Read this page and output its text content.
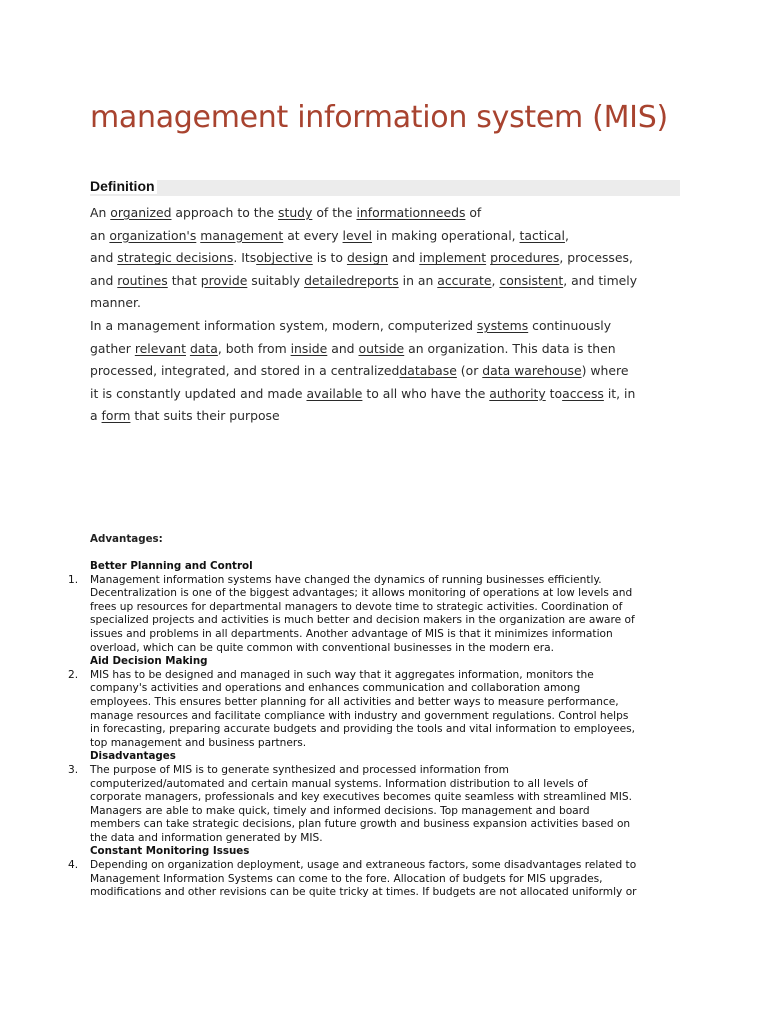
management information system (MIS)
Definition
An organized approach to the study of the informationneeds of
an organization's management at every level in making operational, tactical,
and strategic decisions. Itsobjective is to design and implement procedures, processes,
and routines that provide suitably detailedreports in an accurate, consistent, and timely
manner.
In a management information system, modern, computerized systems continuously
gather relevant data, both from inside and outside an organization. This data is then
processed, integrated, and stored in a centralizeddatabase (or data warehouse) where
it is constantly updated and made available to all who have the authority toaccess it, in
a form that suits their purpose
Advantages:
Better Planning and Control
1.	Management information systems have changed the dynamics of running businesses efficiently.
Decentralization is one of the biggest advantages; it allows monitoring of operations at low levels and
frees up resources for departmental managers to devote time to strategic activities. Coordination of
specialized projects and activities is much better and decision makers in the organization are aware of
issues and problems in all departments. Another advantage of MIS is that it minimizes information
overload, which can be quite common with conventional businesses in the modern era.
Aid Decision Making
2.	MIS has to be designed and managed in such way that it aggregates information, monitors the
company's activities and operations and enhances communication and collaboration among
employees. This ensures better planning for all activities and better ways to measure performance,
manage resources and facilitate compliance with industry and government regulations. Control helps
in forecasting, preparing accurate budgets and providing the tools and vital information to employees,
top management and business partners.
Disadvantages
3.	The purpose of MIS is to generate synthesized and processed information from
computerized/automated and certain manual systems. Information distribution to all levels of
corporate managers, professionals and key executives becomes quite seamless with streamlined MIS.
Managers are able to make quick, timely and informed decisions. Top management and board
members can take strategic decisions, plan future growth and business expansion activities based on
the data and information generated by MIS.
Constant Monitoring Issues
4.	Depending on organization deployment, usage and extraneous factors, some disadvantages related to
Management Information Systems can come to the fore. Allocation of budgets for MIS upgrades,
modifications and other revisions can be quite tricky at times. If budgets are not allocated uniformly or
